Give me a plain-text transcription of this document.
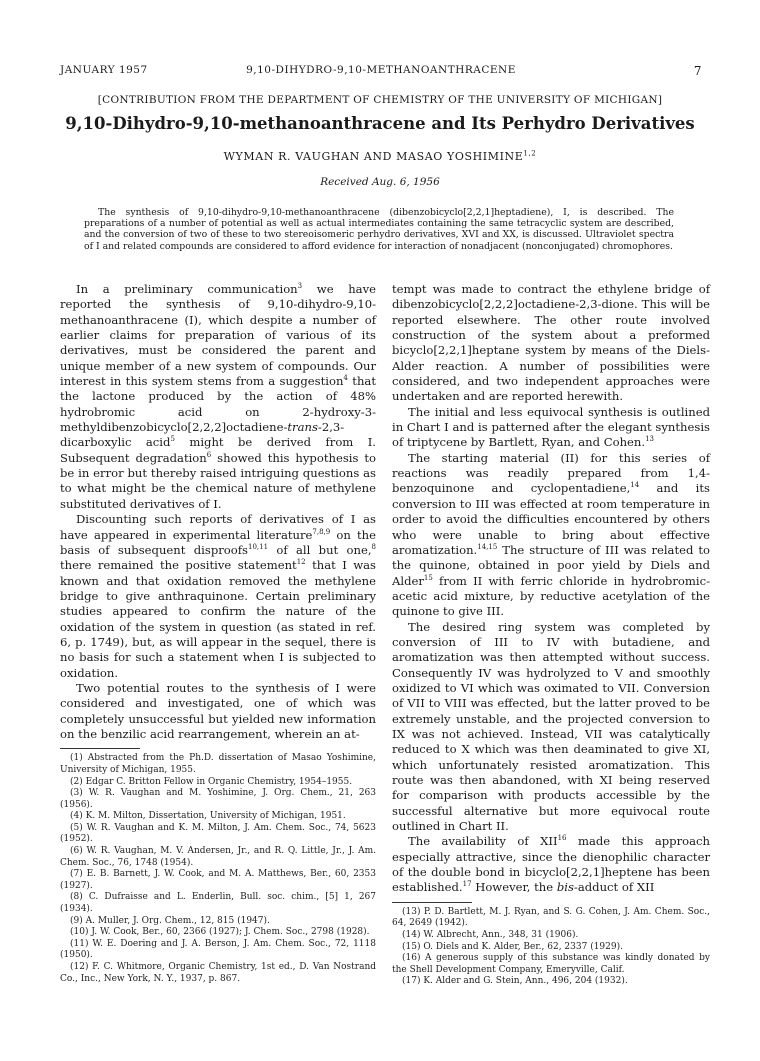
JANUARY 1957	9,10-DIHYDRO-9,10-METHANOANTHRACENE	7
[CONTRIBUTION FROM THE DEPARTMENT OF CHEMISTRY OF THE UNIVERSITY OF MICHIGAN]
9,10-Dihydro-9,10-methanoanthracene and Its Perhydro Derivatives
WYMAN R. VAUGHAN AND MASAO YOSHIMINE$^{1,2}$
Received Aug. 6, 1956
The synthesis of 9,10-dihydro-9,10-methanoanthracene (dibenzobicyclo[2,2,1]heptadiene), I, is described. The preparations of a number of potential as well as actual intermediates containing the same tetracyclic system are described, and the conversion of two of these to two stereoisomeric perhydro derivatives, XVI and XX, is discussed. Ultraviolet spectra of I and related compounds are considered to afford evidence for interaction of nonadjacent (nonconjugated) chromophores.

In a preliminary communication$^3$ we have reported the synthesis of 9,10-dihydro-9,10-methanoanthracene (I), which despite a number of earlier claims for preparation of various of its derivatives, must be considered the parent and unique member of a new system of compounds. Our interest in this system stems from a suggestion$^4$ that the lactone produced by the action of 48% hydrobromic acid on 2-hydroxy-3-methyldibenzobicyclo[2,2,2]octadiene-trans-2,3-dicarboxylic acid$^5$ might be derived from I. Subsequent degradation$^6$ showed this hypothesis to be in error but thereby raised intriguing questions as to what might be the chemical nature of methylene substituted derivatives of I.

Discounting such reports of derivatives of I as have appeared in experimental literature$^{7,8,9}$ on the basis of subsequent disproofs$^{10,11}$ of all but one,$^8$ there remained the positive statement$^{12}$ that I was known and that oxidation removed the methylene bridge to give anthraquinone. Certain preliminary studies appeared to confirm the nature of the oxidation of the system in question (as stated in ref. 6, p. 1749), but, as will appear in the sequel, there is no basis for such a statement when I is subjected to oxidation.

Two potential routes to the synthesis of I were considered and investigated, one of which was completely unsuccessful but yielded new information on the benzilic acid rearrangement, wherein an at-

(1) Abstracted from the Ph.D. dissertation of Masao Yoshimine, University of Michigan, 1955.

(2) Edgar C. Britton Fellow in Organic Chemistry, 1954–1955.

(3) W. R. Vaughan and M. Yoshimine, J. Org. Chem., 21, 263 (1956).

(4) K. M. Milton, Dissertation, University of Michigan, 1951.

(5) W. R. Vaughan and K. M. Milton, J. Am. Chem. Soc., 74, 5623 (1952).

(6) W. R. Vaughan, M. V. Andersen, Jr., and R. Q. Little, Jr., J. Am. Chem. Soc., 76, 1748 (1954).

(7) E. B. Barnett, J. W. Cook, and M. A. Matthews, Ber., 60, 2353 (1927).

(8) C. Dufraisse and L. Enderlin, Bull. soc. chim., [5] 1, 267 (1934).

(9) A. Muller, J. Org. Chem., 12, 815 (1947).

(10) J. W. Cook, Ber., 60, 2366 (1927); J. Chem. Soc., 2798 (1928).

(11) W. E. Doering and J. A. Berson, J. Am. Chem. Soc., 72, 1118 (1950).

(12) F. C. Whitmore, Organic Chemistry, 1st ed., D. Van Nostrand Co., Inc., New York, N. Y., 1937, p. 867.

tempt was made to contract the ethylene bridge of dibenzobicyclo[2,2,2]octadiene-2,3-dione. This will be reported elsewhere. The other route involved construction of the system about a preformed bicyclo[2,2,1]heptane system by means of the Diels-Alder reaction. A number of possibilities were considered, and two independent approaches were undertaken and are reported herewith.

The initial and less equivocal synthesis is outlined in Chart I and is patterned after the elegant synthesis of triptycene by Bartlett, Ryan, and Cohen.$^{13}$

The starting material (II) for this series of reactions was readily prepared from 1,4-benzoquinone and cyclopentadiene,$^{14}$ and its conversion to III was effected at room temperature in order to avoid the difficulties encountered by others who were unable to bring about effective aromatization.$^{14,15}$ The structure of III was related to the quinone, obtained in poor yield by Diels and Alder$^{15}$ from II with ferric chloride in hydrobromic-acetic acid mixture, by reductive acetylation of the quinone to give III.

The desired ring system was completed by conversion of III to IV with butadiene, and aromatization was then attempted without success. Consequently IV was hydrolyzed to V and smoothly oxidized to VI which was oximated to VII. Conversion of VII to VIII was effected, but the latter proved to be extremely unstable, and the projected conversion to IX was not achieved. Instead, VII was catalytically reduced to X which was then deaminated to give XI, which unfortunately resisted aromatization. This route was then abandoned, with XI being reserved for comparison with products accessible by the successful alternative but more equivocal route outlined in Chart II.

The availability of XII$^{16}$ made this approach especially attractive, since the dienophilic character of the double bond in bicyclo[2,2,1]heptene has been established.$^{17}$ However, the bis-adduct of XII

(13) P. D. Bartlett, M. J. Ryan, and S. G. Cohen, J. Am. Chem. Soc., 64, 2649 (1942).

(14) W. Albrecht, Ann., 348, 31 (1906).

(15) O. Diels and K. Alder, Ber., 62, 2337 (1929).

(16) A generous supply of this substance was kindly donated by the Shell Development Company, Emeryville, Calif.

(17) K. Alder and G. Stein, Ann., 496, 204 (1932).
